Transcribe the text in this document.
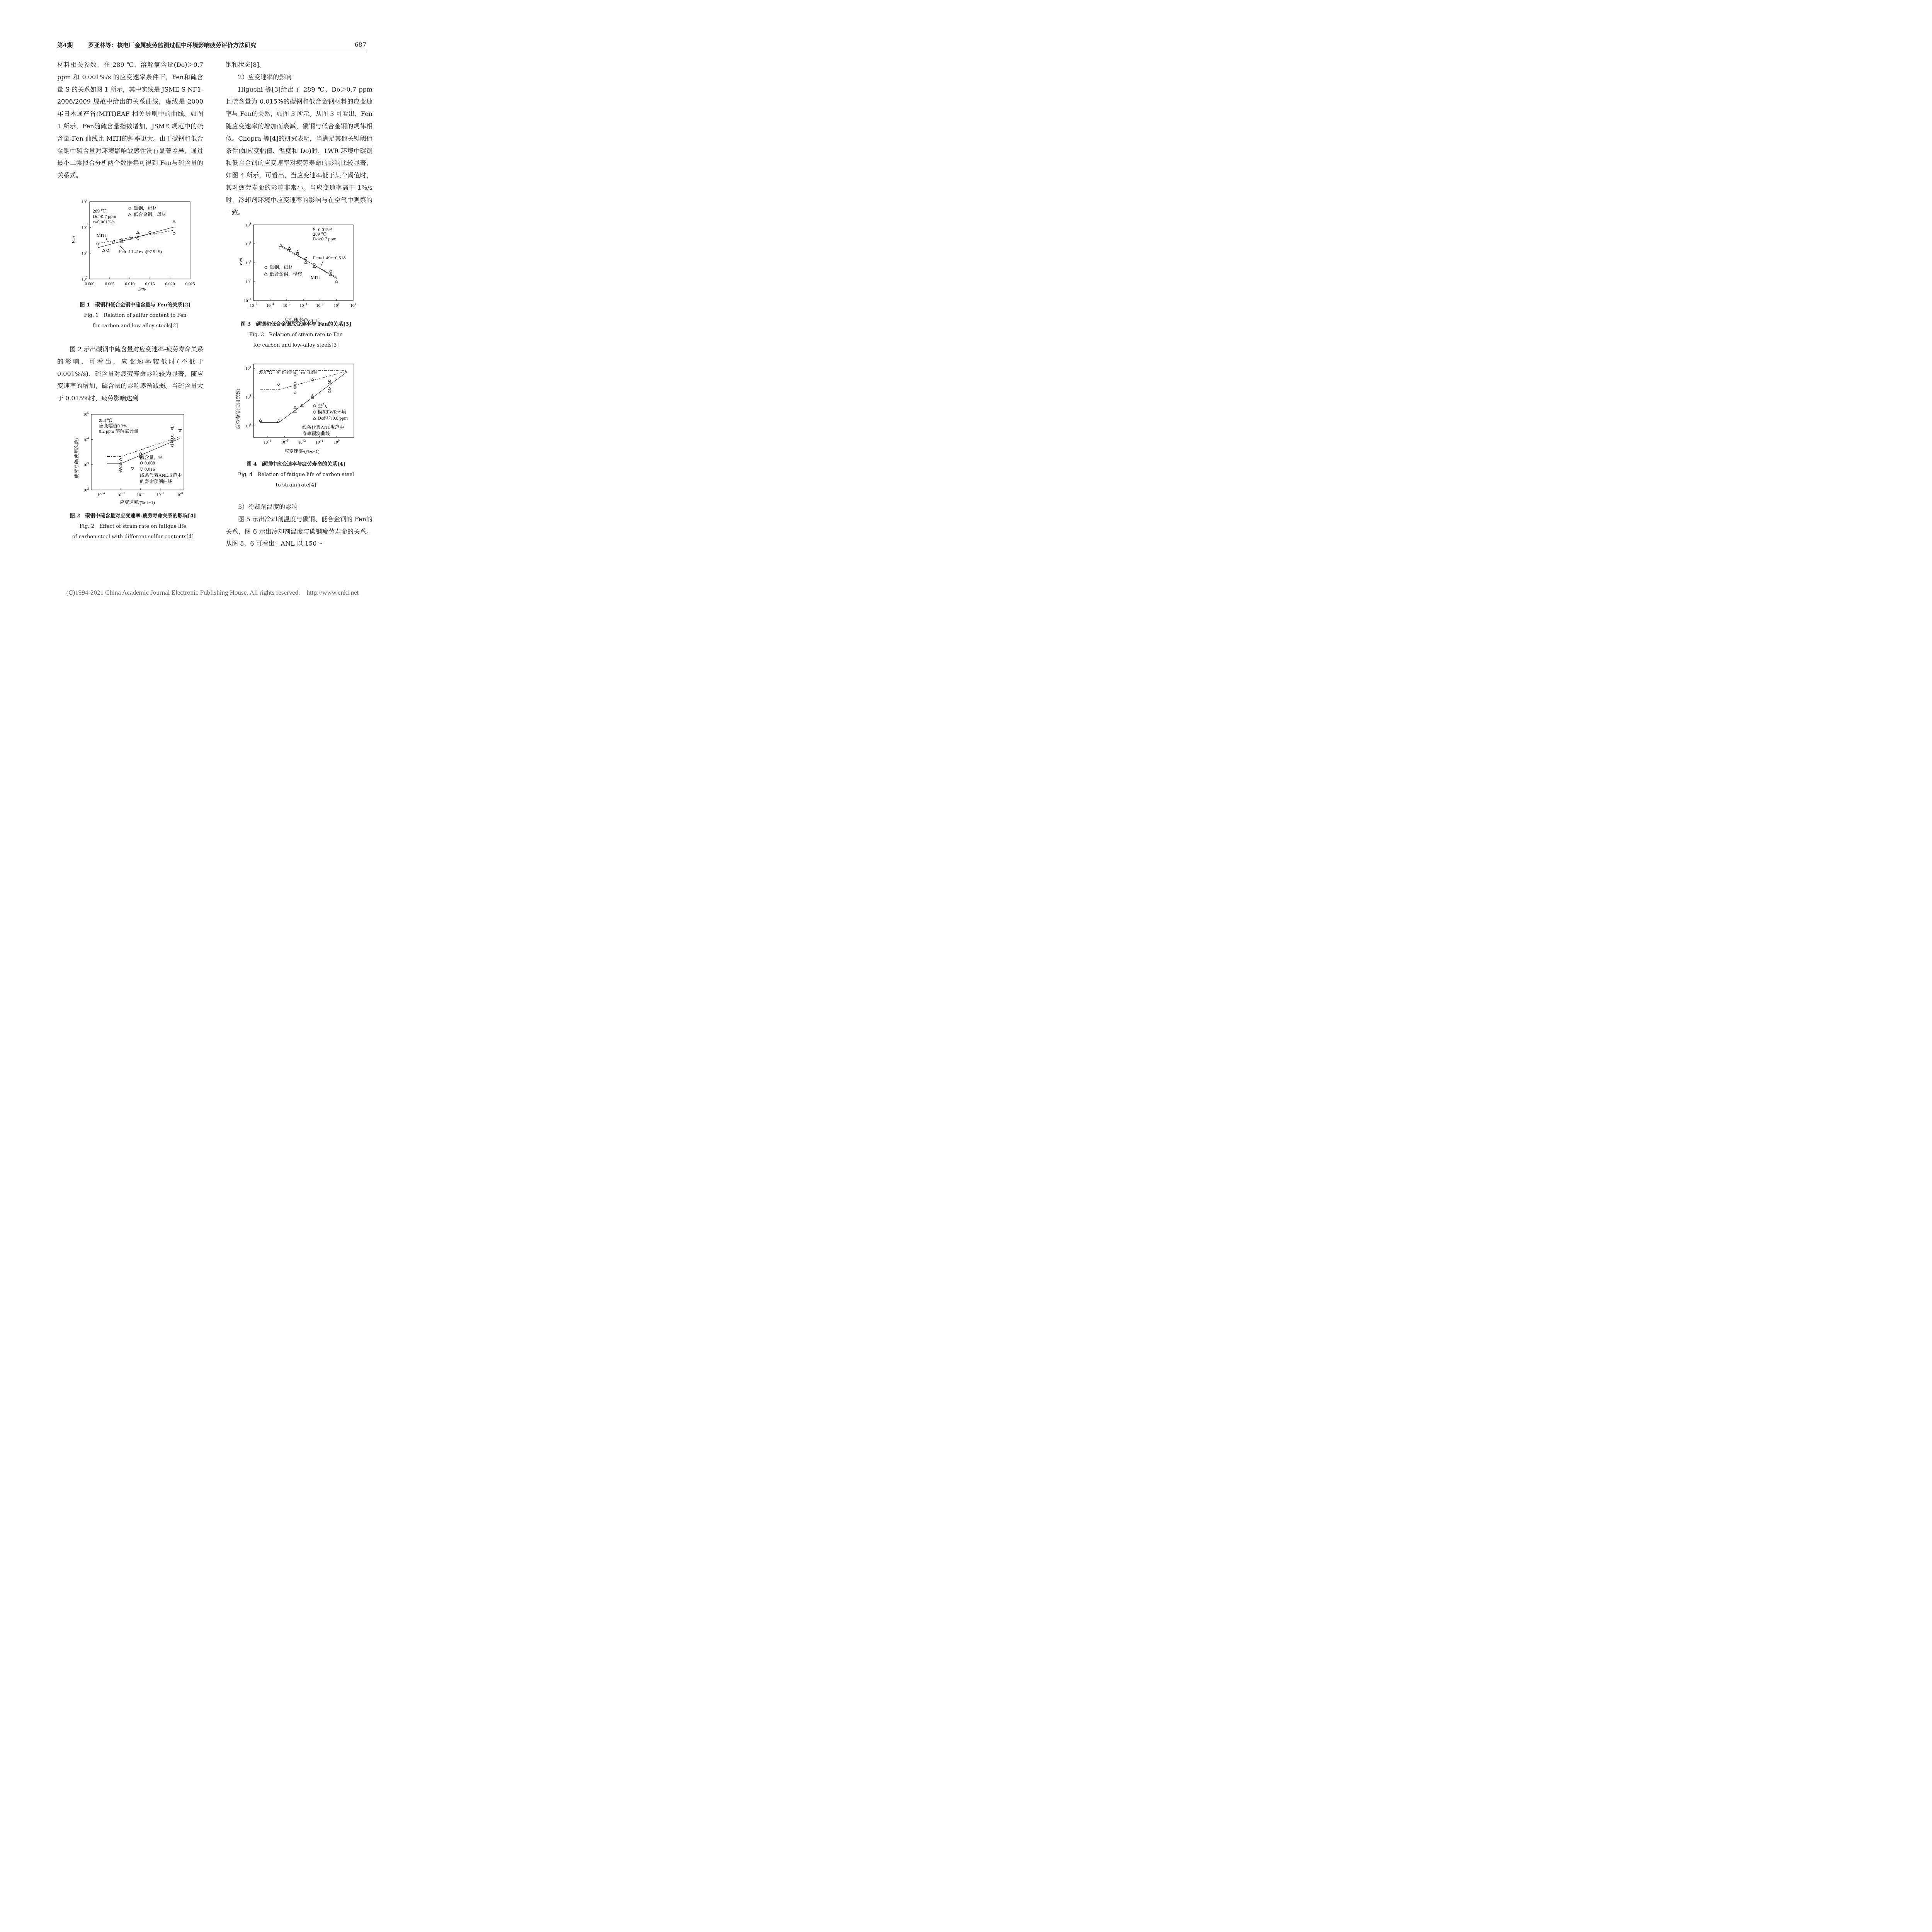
第4期	罗亚林等：核电厂金属疲劳监测过程中环境影响疲劳评价方法研究	687

材料相关参数。在 289 ℃、溶解氧含量(Do)＞0.7 ppm 和 0.001%/s 的应变速率条件下，Fen和硫含量 S 的关系如图 1 所示，其中实线是 JSME S NF1-2006/2009 规范中给出的关系曲线，虚线是 2000 年日本通产省(MITI)EAF 相关导则中的曲线。如图 1 所示，Fen随硫含量指数增加，JSME 规范中的硫含量-Fen 曲线比 MITI的斜率更大。由于碳钢和低合金钢中硫含量对环境影响敏感性没有显著差异，通过最小二乘拟合分析两个数据集可得到 Fen与硫含量的关系式。

0.000 0.005 0.010 0.015 0.020 0.025
$10^0$
$10^1$
$10^2$
$10^3$
289 ℃
Do>0.7 ppm
ε=0.001%/s
碳钢，母材
低合金钢，母材
MITI
Fen=13.41exp(97.92S)
S/%
Fen
图 1　碳钢和低合金钢中硫含量与 Fen的关系[2]
Fig. 1　Relation of sulfur content to Fen
for carbon and low-alloy steels[2]

图 2 示出碳钢中硫含量对应变速率-疲劳寿命关系的影响，可看出，应变速率较低时(不低于 0.001%/s)，硫含量对疲劳寿命影响较为显著，随应变速率的增加，硫含量的影响逐渐减弱。当硫含量大于 0.015%时，疲劳影响达到

$10^{-4}$	$10^{-3}$	$10^{-2}$	$10^{-1}$	$10^0$
$10^2$
$10^3$
$10^4$
$10^5$
288 ℃
应变幅值0.3%
0.2 ppm 溶解氧含量
硫含量，%
0.008
0.016
线条代表ANL规范中
的寿命预测曲线
应变速率/(%·s−1)
疲劳寿命(使用次数)
图 2　碳钢中硫含量对应变速率-疲劳寿命关系的影响[4]
Fig. 2　Effect of strain rate on fatigue life
of carbon steel with different sulfur contents[4]

饱和状态[8]。

2）应变速率的影响

Higuchi 等[3]给出了 289 ℃、Do＞0.7 ppm 且硫含量为 0.015%的碳钢和低合金钢材料的应变速率与 Fen的关系，如图 3 所示。从图 3 可看出，Fen随应变速率的增加而衰减，碳钢与低合金钢的规律相似。Chopra 等[4]的研究表明，当满足其他关键阈值条件(如应变幅值、温度和 Do)时，LWR 环境中碳钢和低合金钢的应变速率对疲劳寿命的影响比较显著，如图 4 所示，可看出，当应变速率低于某个阈值时，其对疲劳寿命的影响非常小。当应变速率高于 1%/s 时，冷却剂环境中应变速率的影响与在空气中观察的一致。

$10^{-5}$ $10^{-4}$ $10^{-3}$ $10^{-2}$ $10^{-1}$ $10^0$	$10^1$
$10^{-1}$
$10^0$
$10^1$
$10^2$
$10^3$
S=0.015%
289 ℃
Do>0.7 ppm
Fen=1.49ε−0.518
MITI
碳钢，母材
低合金钢，母材
应变速率/(%·s−1)
Fen
图 3　碳钢和低合金钢应变速率与 Fen的关系[3]
Fig. 3　Relation of strain rate to Fen
for carbon and low-alloy steels[3]
$10^{-4}$ $10^{-3}$ $10^{-2}$ $10^{-1}$	$10^0$
$10^2$
$10^3$
$10^4$
288 ℃，S=0.015%，εa=0.4%
空气
模拟PWR环境
Do约为0.8 ppm
线条代表ANL规范中
寿命预测曲线
应变速率/(%·s−1)
疲劳寿命(使用次数)
图 4　碳钢中应变速率与疲劳寿命的关系[4]
Fig. 4　Relation of fatigue life of carbon steel
to strain rate[4]

3）冷却剂温度的影响

图 5 示出冷却剂温度与碳钢、低合金钢的 Fen的关系，图 6 示出冷却剂温度与碳钢疲劳寿命的关系。从图 5、6 可看出：ANL 以 150～

(C)1994-2021 China Academic Journal Electronic Publishing House. All rights reserved.　http://www.cnki.net
